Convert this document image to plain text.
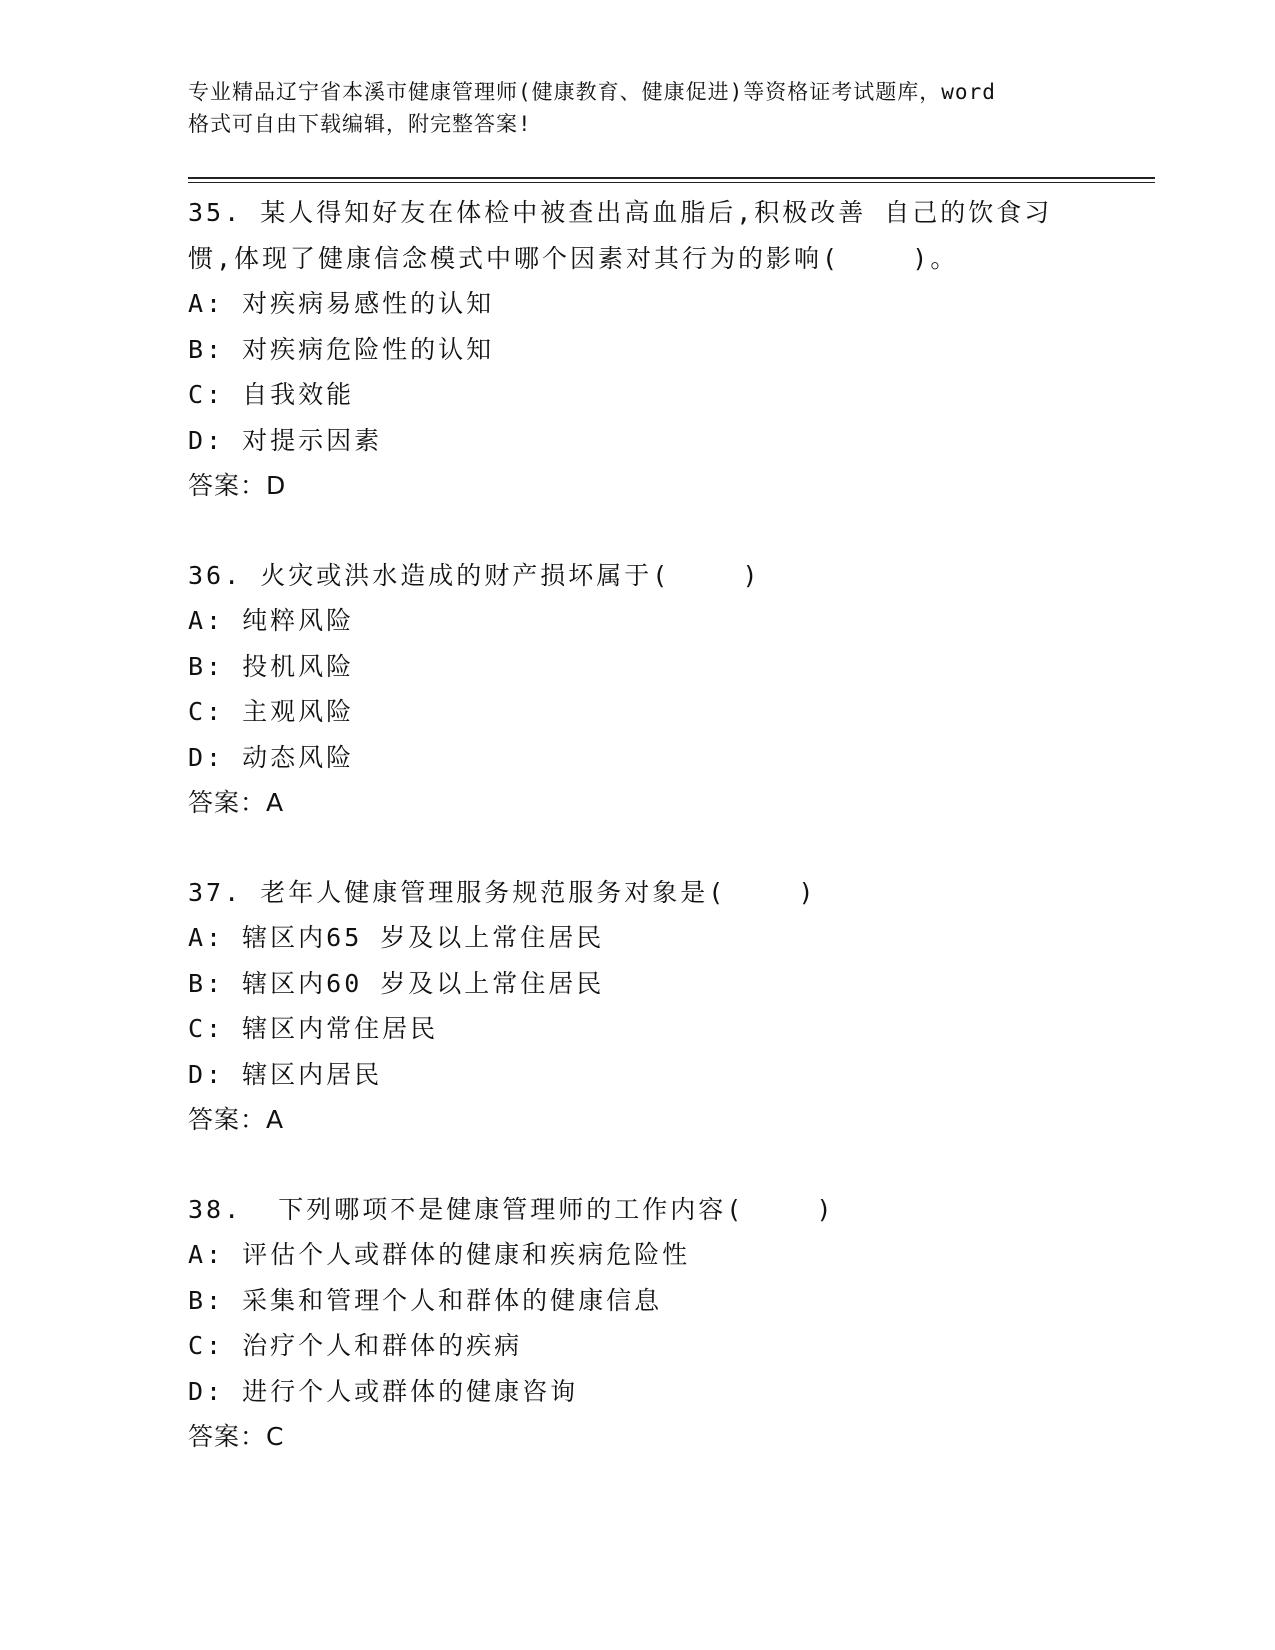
专业精品辽宁省本溪市健康管理师(健康教育、健康促进)等资格证考试题库，word
格式可自由下载编辑，附完整答案!
35. 某人得知好友在体检中被查出高血脂后,积极改善 自己的饮食习
惯,体现了健康信念模式中哪个因素对其行为的影响(    )。
A: 对疾病易感性的认知
B: 对疾病危险性的认知
C: 自我效能
D: 对提示因素
答案：D
36. 火灾或洪水造成的财产损坏属于(    )
A: 纯粹风险
B: 投机风险
C: 主观风险
D: 动态风险
答案：A
37. 老年人健康管理服务规范服务对象是(    )
A: 辖区内65 岁及以上常住居民
B: 辖区内60 岁及以上常住居民
C: 辖区内常住居民
D: 辖区内居民
答案：A
38.  下列哪项不是健康管理师的工作内容(    )
A: 评估个人或群体的健康和疾病危险性
B: 采集和管理个人和群体的健康信息
C: 治疗个人和群体的疾病
D: 进行个人或群体的健康咨询
答案：C
